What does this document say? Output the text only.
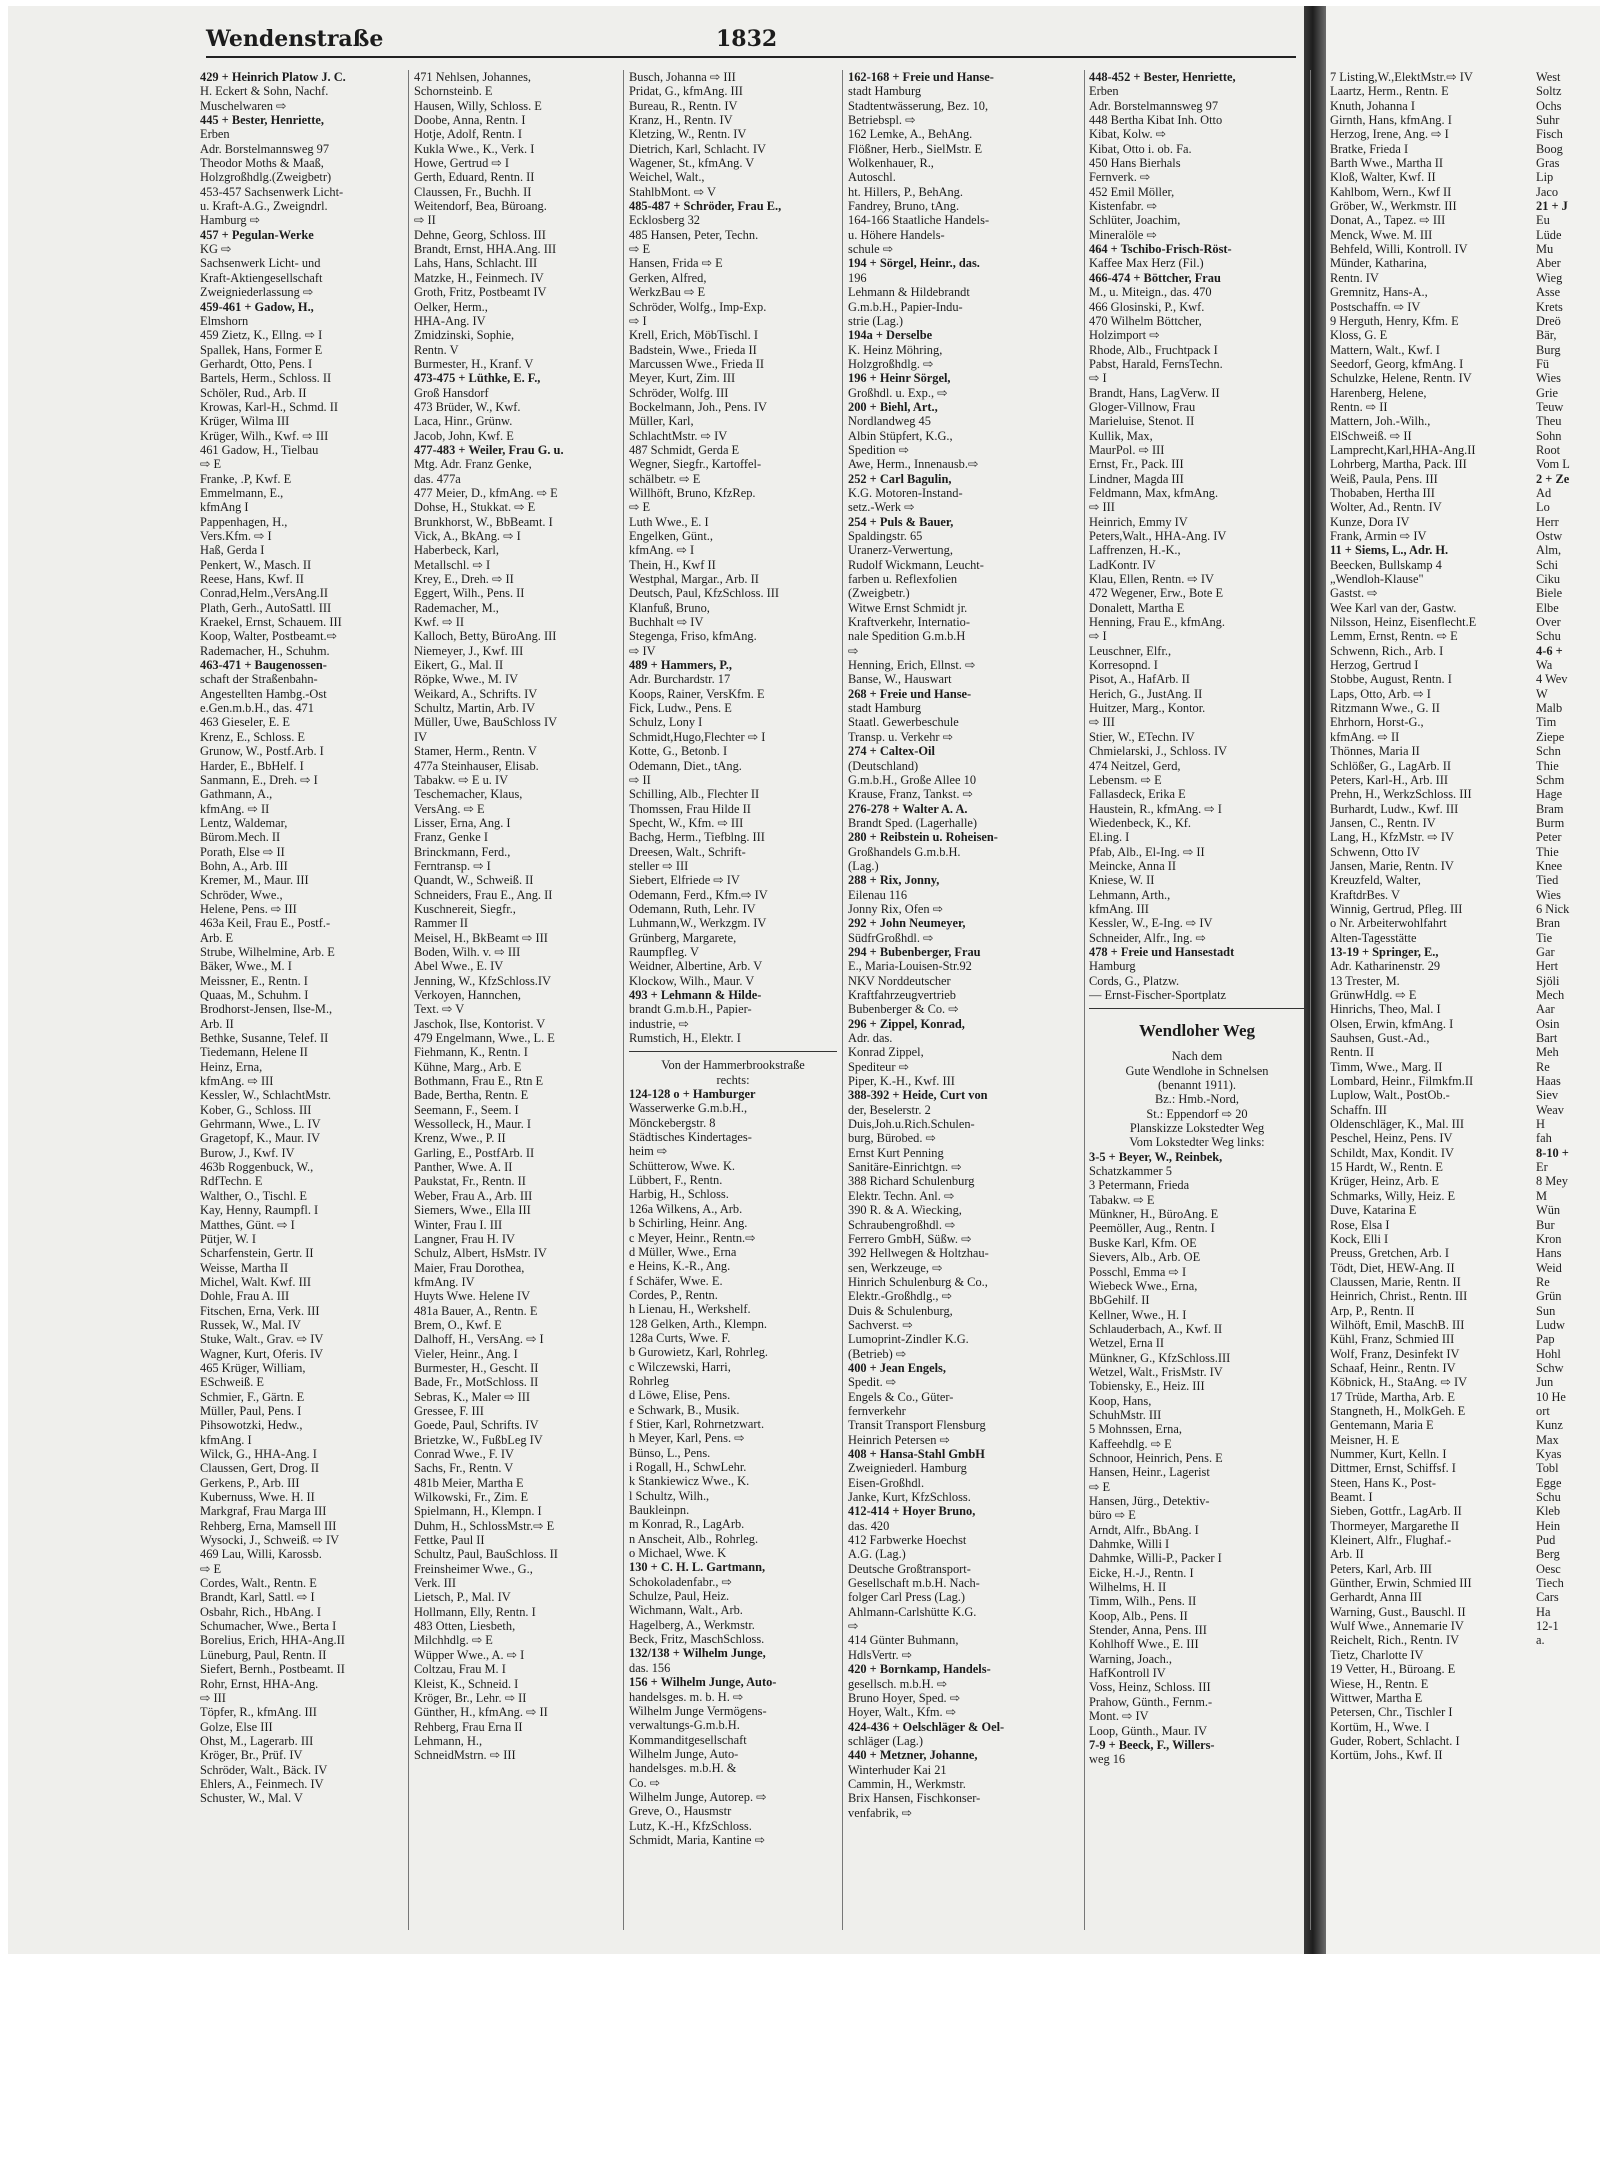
Wendenstraße	1832
429 + Heinrich Platow J. C.
H. Eckert & Sohn, Nachf.
Muschelwaren ⇨
445 + Bester, Henriette,
Erben
Adr. Borstelmannsweg 97
Theodor Moths & Maaß,
Holzgroßhdlg.(Zweigbetr)
453-457 Sachsenwerk Licht-
u. Kraft-A.G., Zweigndrl.
Hamburg ⇨
457 + Pegulan-Werke
KG ⇨
Sachsenwerk Licht- und
Kraft-Aktiengesellschaft
Zweigniederlassung ⇨
459-461 + Gadow, H.,
Elmshorn
459 Zietz, K., Ellng. ⇨ I
Spallek, Hans, Former E
Gerhardt, Otto, Pens. I
Bartels, Herm., Schloss. II
Schöler, Rud., Arb. II
Krowas, Karl-H., Schmd. II
Krüger, Wilma III
Krüger, Wilh., Kwf. ⇨ III
461 Gadow, H., Tielbau
⇨ E
Franke, .P, Kwf. E
Emmelmann, E.,
kfmAng I
Pappenhagen, H.,
Vers.Kfm. ⇨ I
Haß, Gerda I
Penkert, W., Masch. II
Reese, Hans, Kwf. II
Conrad,Helm.,VersAng.II
Plath, Gerh., AutoSattl. III
Kraekel, Ernst, Schauem. III
Koop, Walter, Postbeamt.⇨
Rademacher, H., Schuhm.
463-471 + Baugenossen-
schaft der Straßenbahn-
Angestellten Hambg.-Ost
e.Gen.m.b.H., das. 471
463 Gieseler, E. E
Krenz, E., Schloss. E
Grunow, W., Postf.Arb. I
Harder, E., BbHelf. I
Sanmann, E., Dreh. ⇨ I
Gathmann, A.,
kfmAng. ⇨ II
Lentz, Waldemar,
Bürom.Mech. II
Porath, Else ⇨ II
Bohn, A., Arb. III
Kremer, M., Maur. III
Schröder, Wwe.,
Helene, Pens. ⇨ III
463a Keil, Frau E., Postf.-
Arb. E
Strube, Wilhelmine, Arb. E
Bäker, Wwe., M. I
Meissner, E., Rentn. I
Quaas, M., Schuhm. I
Brodhorst-Jensen, Ilse-M.,
Arb. II
Bethke, Susanne, Telef. II
Tiedemann, Helene II
Heinz, Erna,
kfmAng. ⇨ III
Kessler, W., SchlachtMstr.
Kober, G., Schloss. III
Gehrmann, Wwe., L. IV
Gragetopf, K., Maur. IV
Burow, J., Kwf. IV
463b Roggenbuck, W.,
RdfTechn. E
Walther, O., Tischl. E
Kay, Henny, Raumpfl. I
Matthes, Günt. ⇨ I
Pütjer, W. I
Scharfenstein, Gertr. II
Weisse, Martha II
Michel, Walt. Kwf. III
Dohle, Frau A. III
Fitschen, Erna, Verk. III
Russek, W., Mal. IV
Stuke, Walt., Grav. ⇨ IV
Wagner, Kurt, Oferis. IV
465 Krüger, William,
ESchweiß. E
Schmier, F., Gärtn. E
Müller, Paul, Pens. I
Pihsowotzki, Hedw.,
kfmAng. I
Wilck, G., HHA-Ang. I
Claussen, Gert, Drog. II
Gerkens, P., Arb. III
Kubernuss, Wwe. H. II
Markgraf, Frau Marga III
Rehberg, Erna, Mamsell III
Wysocki, J., Schweiß. ⇨ IV
469 Lau, Willi, Karossb.
⇨ E
Cordes, Walt., Rentn. E
Brandt, Karl, Sattl. ⇨ I
Osbahr, Rich., HbAng. I
Schumacher, Wwe., Berta I
Borelius, Erich, HHA-Ang.II
Lüneburg, Paul, Rentn. II
Siefert, Bernh., Postbeamt. II
Rohr, Ernst, HHA-Ang.
⇨ III
Töpfer, R., kfmAng. III
Golze, Else III
Ohst, M., Lagerarb. III
Kröger, Br., Prüf. IV
Schröder, Walt., Bäck. IV
Ehlers, A., Feinmech. IV
Schuster, W., Mal. V
471 Nehlsen, Johannes,
Schornsteinb. E
Hausen, Willy, Schloss. E
Doobe, Anna, Rentn. I
Hotje, Adolf, Rentn. I
Kukla Wwe., K., Verk. I
Howe, Gertrud ⇨ I
Gerth, Eduard, Rentn. II
Claussen, Fr., Buchh. II
Weitendorf, Bea, Büroang.
⇨ II
Dehne, Georg, Schloss. III
Brandt, Ernst, HHA.Ang. III
Lahs, Hans, Schlacht. III
Matzke, H., Feinmech. IV
Groth, Fritz, Postbeamt IV
Oelker, Herm.,
HHA-Ang. IV
Zmidzinski, Sophie,
Rentn. V
Burmester, H., Kranf. V
473-475 + Lüthke, E. F.,
Groß Hansdorf
473 Brüder, W., Kwf.
Laca, Hinr., Grünw.
Jacob, John, Kwf. E
477-483 + Weiler, Frau G. u.
Mtg. Adr. Franz Genke,
das. 477a
477 Meier, D., kfmAng. ⇨ E
Dohse, H., Stukkat. ⇨ E
Brunkhorst, W., BbBeamt. I
Vick, A., BkAng. ⇨ I
Haberbeck, Karl,
Metallschl. ⇨ I
Krey, E., Dreh. ⇨ II
Eggert, Wilh., Pens. II
Rademacher, M.,
Kwf. ⇨ II
Kalloch, Betty, BüroAng. III
Niemeyer, J., Kwf. III
Eikert, G., Mal. II
Röpke, Wwe., M. IV
Weikard, A., Schrifts. IV
Schultz, Martin, Arb. IV
Müller, Uwe, BauSchloss IV
IV
Stamer, Herm., Rentn. V
477a Steinhauser, Elisab.
Tabakw. ⇨ E u. IV
Teschemacher, Klaus,
VersAng. ⇨ E
Lisser, Erna, Ang. I
Franz, Genke I
Brinckmann, Ferd.,
Ferntransp. ⇨ I
Quandt, W., Schweiß. II
Schneiders, Frau E., Ang. II
Kuschnereit, Siegfr.,
Rammer II
Meisel, H., BkBeamt ⇨ III
Boden, Wilh. v. ⇨ III
Abel Wwe., E. IV
Jenning, W., KfzSchloss.IV
Verkoyen, Hannchen,
Text. ⇨ V
Jaschok, Ilse, Kontorist. V
479 Engelmann, Wwe., L. E
Fiehmann, K., Rentn. I
Kühne, Marg., Arb. E
Bothmann, Frau E., Rtn E
Bade, Bertha, Rentn. E
Seemann, F., Seem. I
Wessolleck, H., Maur. I
Krenz, Wwe., P. II
Garling, E., PostfArb. II
Panther, Wwe. A. II
Paukstat, Fr., Rentn. II
Weber, Frau A., Arb. III
Siemers, Wwe., Ella III
Winter, Frau I. III
Langner, Frau H. IV
Schulz, Albert, HsMstr. IV
Maier, Frau Dorothea,
kfmAng. IV
Huyts Wwe. Helene IV
481a Bauer, A., Rentn. E
Brem, O., Kwf. E
Dalhoff, H., VersAng. ⇨ I
Vieler, Heinr., Ang. I
Burmester, H., Gescht. II
Bade, Fr., MotSchloss. II
Sebras, K., Maler ⇨ III
Gressee, F. III
Goede, Paul, Schrifts. IV
Brietzke, W., FußbLeg IV
Conrad Wwe., F. IV
Sachs, Fr., Rentn. V
481b Meier, Martha E
Wilkowski, Fr., Zim. E
Spielmann, H., Klempn. I
Duhm, H., SchlossMstr.⇨ E
Fettke, Paul II
Schultz, Paul, BauSchloss. II
Freinsheimer Wwe., G.,
Verk. III
Lietsch, P., Mal. IV
Hollmann, Elly, Rentn. I
483 Otten, Liesbeth,
Milchhdlg. ⇨ E
Wüpper Wwe., A. ⇨ I
Coltzau, Frau M. I
Kleist, K., Schneid. I
Kröger, Br., Lehr. ⇨ II
Günther, H., kfmAng. ⇨ II
Rehberg, Frau Erna II
Lehmann, H.,
SchneidMstrn. ⇨ III
Busch, Johanna ⇨ III
Pridat, G., kfmAng. III
Bureau, R., Rentn. IV
Kranz, H., Rentn. IV
Kletzing, W., Rentn. IV
Dietrich, Karl, Schlacht. IV
Wagener, St., kfmAng. V
Weichel, Walt.,
StahlbMont. ⇨ V
485-487 + Schröder, Frau E.,
Ecklosberg 32
485 Hansen, Peter, Techn.
⇨ E
Hansen, Frida ⇨ E
Gerken, Alfred,
WerkzBau ⇨ E
Schröder, Wolfg., Imp-Exp.
⇨ I
Krell, Erich, MöbTischl. I
Badstein, Wwe., Frieda II
Marcussen Wwe., Frieda II
Meyer, Kurt, Zim. III
Schröder, Wolfg. III
Bockelmann, Joh., Pens. IV
Müller, Karl,
SchlachtMstr. ⇨ IV
487 Schmidt, Gerda E
Wegner, Siegfr., Kartoffel-
schälbetr. ⇨ E
Willhöft, Bruno, KfzRep.
⇨ E
Luth Wwe., E. I
Engelken, Günt.,
kfmAng. ⇨ I
Thein, H., Kwf II
Westphal, Margar., Arb. II
Deutsch, Paul, KfzSchloss. III
Klanfuß, Bruno,
Buchhalt ⇨ IV
Stegenga, Friso, kfmAng.
⇨ IV
489 + Hammers, P.,
Adr. Burchardstr. 17
Koops, Rainer, VersKfm. E
Fick, Ludw., Pens. E
Schulz, Lony I
Schmidt,Hugo,Flechter ⇨ I
Kotte, G., Betonb. I
Odemann, Diet., tAng.
⇨ II
Schilling, Alb., Flechter II
Thomssen, Frau Hilde II
Specht, W., Kfm. ⇨ III
Bachg, Herm., Tiefblng. III
Dreesen, Walt., Schrift-
steller ⇨ III
Siebert, Elfriede ⇨ IV
Odemann, Ferd., Kfm.⇨ IV
Odemann, Ruth, Lehr. IV
Luhmann,W., Werkzgm. IV
Grünberg, Margarete,
Raumpfleg. V
Weidner, Albertine, Arb. V
Klockow, Wilh., Maur. V
493 + Lehmann & Hilde-
brandt G.m.b.H., Papier-
industrie, ⇨
Rumstich, H., Elektr. I
Von der Hammerbrookstraße
rechts:
124-128 o + Hamburger
Wasserwerke G.m.b.H.,
Mönckebergstr. 8
Städtisches Kindertages-
heim ⇨
Schütterow, Wwe. K.
Lübbert, F., Rentn.
Harbig, H., Schloss.
126a Wilkens, A., Arb.
b Schirling, Heinr. Ang.
c Meyer, Heinr., Rentn.⇨
d Müller, Wwe., Erna
e Heins, K.-R., Ang.
f Schäfer, Wwe. E.
Cordes, P., Rentn.
h Lienau, H., Werkshelf.
128 Gelken, Arth., Klempn.
128a Curts, Wwe. F.
b Gurowietz, Karl, Rohrleg.
c Wilczewski, Harri,
Rohrleg
d Löwe, Elise, Pens.
e Schwark, B., Musik.
f Stier, Karl, Rohrnetzwart.
h Meyer, Karl, Pens. ⇨
Bünso, L., Pens.
i Rogall, H., SchwLehr.
k Stankiewicz Wwe., K.
l Schultz, Wilh.,
Baukleinpn.
m Konrad, R., LagArb.
n Anscheit, Alb., Rohrleg.
o Michael, Wwe. K
130 + C. H. L. Gartmann,
Schokoladenfabr., ⇨
Schulze, Paul, Heiz.
Wichmann, Walt., Arb.
Hagelberg, A., Werkmstr.
Beck, Fritz, MaschSchloss.
132/138 + Wilhelm Junge,
das. 156
156 + Wilhelm Junge, Auto-
handelsges. m. b. H. ⇨
Wilhelm Junge Vermögens-
verwaltungs-G.m.b.H.
Kommanditgesellschaft
Wilhelm Junge, Auto-
handelsges. m.b.H. &
Co. ⇨
Wilhelm Junge, Autorep. ⇨
Greve, O., Hausmstr
Lutz, K.-H., KfzSchloss.
Schmidt, Maria, Kantine ⇨
162-168 + Freie und Hanse-
stadt Hamburg
Stadtentwässerung, Bez. 10,
Betriebspl. ⇨
162 Lemke, A., BehAng.
Flößner, Herb., SielMstr. E
Wolkenhauer, R.,
Autoschl.
ht. Hillers, P., BehAng.
Fandrey, Bruno, tAng.
164-166 Staatliche Handels-
u. Höhere Handels-
schule ⇨
194 + Sörgel, Heinr., das.
196
Lehmann & Hildebrandt
G.m.b.H., Papier-Indu-
strie (Lag.)
194a + Derselbe
K. Heinz Möhring,
Holzgroßhdlg. ⇨
196 + Heinr Sörgel,
Großhdl. u. Exp., ⇨
200 + Biehl, Art.,
Nordlandweg 45
Albin Stüpfert, K.G.,
Spedition ⇨
Awe, Herm., Innenausb.⇨
252 + Carl Bagulin,
K.G. Motoren-Instand-
setz.-Werk ⇨
254 + Puls & Bauer,
Spaldingstr. 65
Uranerz-Verwertung,
Rudolf Wickmann, Leucht-
farben u. Reflexfolien
(Zweigbetr.)
Witwe Ernst Schmidt jr.
Kraftverkehr, Internatio-
nale Spedition G.m.b.H
⇨
Henning, Erich, Ellnst. ⇨
Banse, W., Hauswart
268 + Freie und Hanse-
stadt Hamburg
Staatl. Gewerbeschule
Transp. u. Verkehr ⇨
274 + Caltex-Oil
(Deutschland)
G.m.b.H., Große Allee 10
Krause, Franz, Tankst. ⇨
276-278 + Walter A. A.
Brandt Sped. (Lagerhalle)
280 + Reibstein u. Roheisen-
Großhandels G.m.b.H.
(Lag.)
288 + Rix, Jonny,
Eilenau 116
Jonny Rix, Ofen ⇨
292 + John Neumeyer,
SüdfrGroßhdl. ⇨
294 + Bubenberger, Frau
E., Maria-Louisen-Str.92
NKV Norddeutscher
Kraftfahrzeugvertrieb
Bubenberger & Co. ⇨
296 + Zippel, Konrad,
Adr. das.
Konrad Zippel,
Spediteur ⇨
Piper, K.-H., Kwf. III
388-392 + Heide, Curt von
der, Beselerstr. 2
Duis,Joh.u.Rich.Schulen-
burg, Bürobed. ⇨
Ernst Kurt Penning
Sanitäre-Einrichtgn. ⇨
388 Richard Schulenburg
Elektr. Techn. Anl. ⇨
390 R. & A. Wiecking,
Schraubengroßhdl. ⇨
Ferrero GmbH, Süßw. ⇨
392 Hellwegen & Holtzhau-
sen, Werkzeuge, ⇨
Hinrich Schulenburg & Co.,
Elektr.-Großhdlg., ⇨
Duis & Schulenburg,
Sachverst. ⇨
Lumoprint-Zindler K.G.
(Betrieb) ⇨
400 + Jean Engels,
Spedit. ⇨
Engels & Co., Güter-
fernverkehr
Transit Transport Flensburg
Heinrich Petersen ⇨
408 + Hansa-Stahl GmbH
Zweigniederl. Hamburg
Eisen-Großhdl.
Janke, Kurt, KfzSchloss.
412-414 + Hoyer Bruno,
das. 420
412 Farbwerke Hoechst
A.G. (Lag.)
Deutsche Großtransport-
Gesellschaft m.b.H. Nach-
folger Carl Press (Lag.)
Ahlmann-Carlshütte K.G.
⇨
414 Günter Buhmann,
HdlsVertr. ⇨
420 + Bornkamp, Handels-
gesellsch. m.b.H. ⇨
Bruno Hoyer, Sped. ⇨
Hoyer, Walt., Kfm. ⇨
424-436 + Oelschläger & Oel-
schläger (Lag.)
440 + Metzner, Johanne,
Winterhuder Kai 21
Cammin, H., Werkmstr.
Brix Hansen, Fischkonser-
venfabrik, ⇨
448-452 + Bester, Henriette,
Erben
Adr. Borstelmannsweg 97
448 Bertha Kibat Inh. Otto
Kibat, Kolw. ⇨
Kibat, Otto i. ob. Fa.
450 Hans Bierhals
Fernverk. ⇨
452 Emil Möller,
Kistenfabr. ⇨
Schlüter, Joachim,
Mineralöle ⇨
464 + Tschibo-Frisch-Röst-
Kaffee Max Herz (Fil.)
466-474 + Böttcher, Frau
M., u. Miteign., das. 470
466 Glosinski, P., Kwf.
470 Wilhelm Böttcher,
Holzimport ⇨
Rhode, Alb., Fruchtpack I
Pabst, Harald, FernsTechn.
⇨ I
Brandt, Hans, LagVerw. II
Gloger-Villnow, Frau
Marieluise, Stenot. II
Kullik, Max,
MaurPol. ⇨ III
Ernst, Fr., Pack. III
Lindner, Magda III
Feldmann, Max, kfmAng.
⇨ III
Heinrich, Emmy IV
Peters,Walt., HHA-Ang. IV
Laffrenzen, H.-K.,
LadKontr. IV
Klau, Ellen, Rentn. ⇨ IV
472 Wegener, Erw., Bote E
Donalett, Martha E
Henning, Frau E., kfmAng.
⇨ I
Leuschner, Elfr.,
Korresopnd. I
Pisot, A., HafArb. II
Herich, G., JustAng. II
Huitzer, Marg., Kontor.
⇨ III
Stier, W., ETechn. IV
Chmielarski, J., Schloss. IV
474 Neitzel, Gerd,
Lebensm. ⇨ E
Fallasdeck, Erika E
Haustein, R., kfmAng. ⇨ I
Wiedenbeck, K., Kf.
El.ing. I
Pfab, Alb., El-Ing. ⇨ II
Meincke, Anna II
Kniese, W. II
Lehmann, Arth.,
kfmAng. III
Kessler, W., E-Ing. ⇨ IV
Schneider, Alfr., Ing. ⇨
478 + Freie und Hansestadt
Hamburg
Cords, G., Platzw.
— Ernst-Fischer-Sportplatz
Wendloher Weg
Nach dem
Gute Wendlohe in Schnelsen
(benannt 1911).
Bz.: Hmb.-Nord,
St.: Eppendorf ⇨ 20
Planskizze Lokstedter Weg
Vom Lokstedter Weg links:
3-5 + Beyer, W., Reinbek,
Schatzkammer 5
3 Petermann, Frieda
Tabakw. ⇨ E
Münkner, H., BüroAng. E
Peemöller, Aug., Rentn. I
Buske Karl, Kfm. OE
Sievers, Alb., Arb. OE
Posschl, Emma ⇨ I
Wiebeck Wwe., Erna,
BbGehilf. II
Kellner, Wwe., H. I
Schlauderbach, A., Kwf. II
Wetzel, Erna II
Münkner, G., KfzSchloss.III
Wetzel, Walt., FrisMstr. IV
Tobiensky, E., Heiz. III
Koop, Hans,
SchuhMstr. III
5 Mohnssen, Erna,
Kaffeehdlg. ⇨ E
Schnoor, Heinrich, Pens. E
Hansen, Heinr., Lagerist
⇨ E
Hansen, Jürg., Detektiv-
büro ⇨ E
Arndt, Alfr., BbAng. I
Dahmke, Willi I
Dahmke, Willi-P., Packer I
Eicke, H.-J., Rentn. I
Wilhelms, H. II
Timm, Wilh., Pens. II
Koop, Alb., Pens. II
Stender, Anna, Pens. III
Kohlhoff Wwe., E. III
Warning, Joach.,
HafKontroll IV
Voss, Heinz, Schloss. III
Prahow, Günth., Fernm.-
Mont. ⇨ IV
Loop, Günth., Maur. IV
7-9 + Beeck, F., Willers-
weg 16
7 Listing,W.,ElektMstr.⇨ IV
Laartz, Herm., Rentn. E
Knuth, Johanna I
Girnth, Hans, kfmAng. I
Herzog, Irene, Ang. ⇨ I
Bratke, Frieda I
Barth Wwe., Martha II
Kloß, Walter, Kwf. II
Kahlbom, Wern., Kwf II
Gröber, W., Werkmstr. III
Donat, A., Tapez. ⇨ III
Menck, Wwe. M. III
Behfeld, Willi, Kontroll. IV
Münder, Katharina,
Rentn. IV
Gremnitz, Hans-A.,
Postschaffn. ⇨ IV
9 Herguth, Henry, Kfm. E
Kloss, G. E
Mattern, Walt., Kwf. I
Seedorf, Georg, kfmAng. I
Schulzke, Helene, Rentn. IV
Harenberg, Helene,
Rentn. ⇨ II
Mattern, Joh.-Wilh.,
ElSchweiß. ⇨ II
Lamprecht,Karl,HHA-Ang.II
Lohrberg, Martha, Pack. III
Weiß, Paula, Pens. III
Thobaben, Hertha III
Wolter, Ad., Rentn. IV
Kunze, Dora IV
Frank, Armin ⇨ IV
11 + Siems, L., Adr. H.
Beecken, Bullskamp 4
„Wendloh-Klause"
Gastst. ⇨
Wee Karl van der, Gastw.
Nilsson, Heinz, Eisenflecht.E
Lemm, Ernst, Rentn. ⇨ E
Schwenn, Rich., Arb. I
Herzog, Gertrud I
Stobbe, August, Rentn. I
Laps, Otto, Arb. ⇨ I
Ritzmann Wwe., G. II
Ehrhorn, Horst-G.,
kfmAng. ⇨ II
Thönnes, Maria II
Schlößer, G., LagArb. II
Peters, Karl-H., Arb. III
Prehn, H., WerkzSchloss. III
Burhardt, Ludw., Kwf. III
Jansen, C., Rentn. IV
Lang, H., KfzMstr. ⇨ IV
Schwenn, Otto IV
Jansen, Marie, Rentn. IV
Kreuzfeld, Walter,
KraftdrBes. V
Winnig, Gertrud, Pfleg. III
o Nr. Arbeiterwohlfahrt
Alten-Tagesstätte
13-19 + Springer, E.,
Adr. Katharinenstr. 29
13 Trester, M.
GrünwHdlg. ⇨ E
Hinrichs, Theo, Mal. I
Olsen, Erwin, kfmAng. I
Sauhsen, Gust.-Ad.,
Rentn. II
Timm, Wwe., Marg. II
Lombard, Heinr., Filmkfm.II
Luplow, Walt., PostOb.-
Schaffn. III
Oldenschläger, K., Mal. III
Peschel, Heinz, Pens. IV
Schildt, Max, Kondit. IV
15 Hardt, W., Rentn. E
Krüger, Heinz, Arb. E
Schmarks, Willy, Heiz. E
Duve, Katarina E
Rose, Elsa I
Kock, Elli I
Preuss, Gretchen, Arb. I
Tödt, Diet, HEW-Ang. II
Claussen, Marie, Rentn. II
Heinrich, Christ., Rentn. III
Arp, P., Rentn. II
Wilhöft, Emil, MaschB. III
Kühl, Franz, Schmied III
Wolf, Franz, Desinfekt IV
Schaaf, Heinr., Rentn. IV
Köbnick, H., StaAng. ⇨ IV
17 Trüde, Martha, Arb. E
Stangneth, H., MolkGeh. E
Gentemann, Maria E
Meisner, H. E
Nummer, Kurt, Kelln. I
Dittmer, Ernst, Schiffsf. I
Steen, Hans K., Post-
Beamt. I
Sieben, Gottfr., LagArb. II
Thormeyer, Margarethe II
Kleinert, Alfr., Flughaf.-
Arb. II
Peters, Karl, Arb. III
Günther, Erwin, Schmied III
Gerhardt, Anna III
Warning, Gust., Bauschl. II
Wulf Wwe., Annemarie IV
Reichelt, Rich., Rentn. IV
Tietz, Charlotte IV
19 Vetter, H., Büroang. E
Wiese, H., Rentn. E
Wittwer, Martha E
Petersen, Chr., Tischler I
Kortüm, H., Wwe. I
Guder, Robert, Schlacht. I
Kortüm, Johs., Kwf. II
West
Soltz
Ochs
Suhr
Fisch
Boog
Gras
Lip
Jaco
21 + J
Eu
Lüde
Mu
Aber
Wieg
Asse
Krets
Dreö
Bär,
Burg
Fü
Wies
Grie
Teuw
Theu
Sohn
Root
Vom L
2 + Ze
Ad
Lo
Herr
Ostw
Alm,
Schi
Ciku
Biele
Elbe
Over
Schu
4-6 +
Wa
4 Wev
W
Malb
Tim
Ziepe
Schn
Thie
Schm
Hage
Bram
Burm
Peter
Thie
Knee
Tied
Wies
6 Nick
Bran
Tie
Gar
Hert
Sjöli
Mech
Aar
Osin
Bart
Meh
Re
Haas
Siev
Weav
H
fah
8-10 +
Er
8 Mey
M
Wün
Bur
Kron
Hans
Weid
Re
Grün
Sun
Ludw
Pap
Hohl
Schw
Jun
10 He
ort
Kunz
Max
Kyas
Tobl
Egge
Schu
Kleb
Hein
Pud
Berg
Oesc
Tiech
Cars
Ha
12-1
a.
